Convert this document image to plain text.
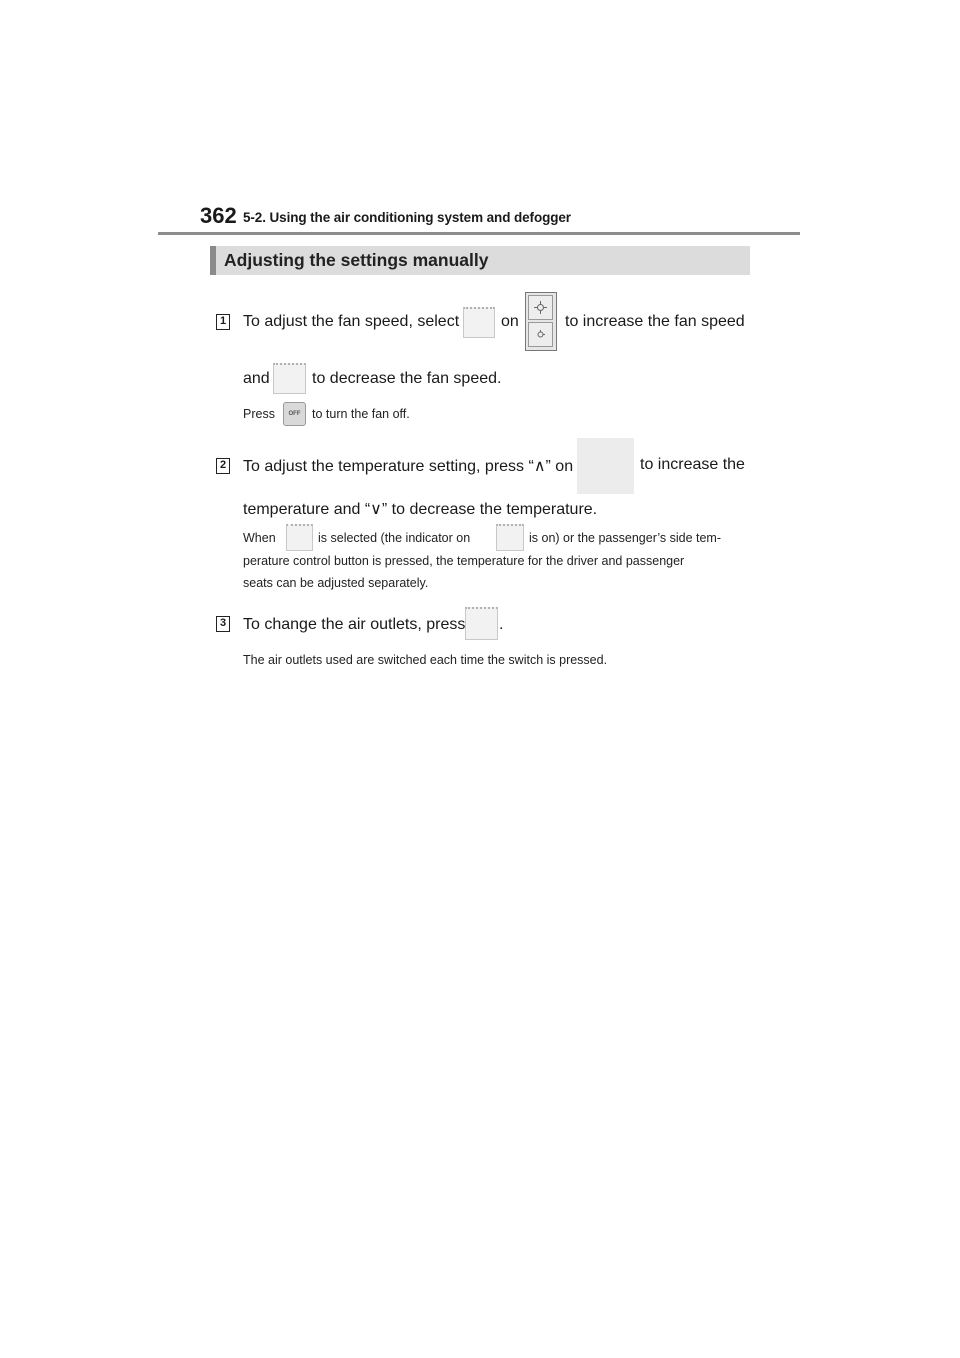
362 5-2. Using the air conditioning system and defogger
Adjusting the settings manually
1 To adjust the fan speed, select	on	to increase the fan speed
and	to decrease the fan speed.
Press	OFF to turn the fan off.
2 To adjust the temperature setting, press “∧” on	to increase the
temperature and “∨” to decrease the temperature.
When	is selected (the indicator on	is on) or the passenger’s side tem-
perature control button is pressed, the temperature for the driver and passenger
seats can be adjusted separately.
3 To change the air outlets, press .
The air outlets used are switched each time the switch is pressed.
